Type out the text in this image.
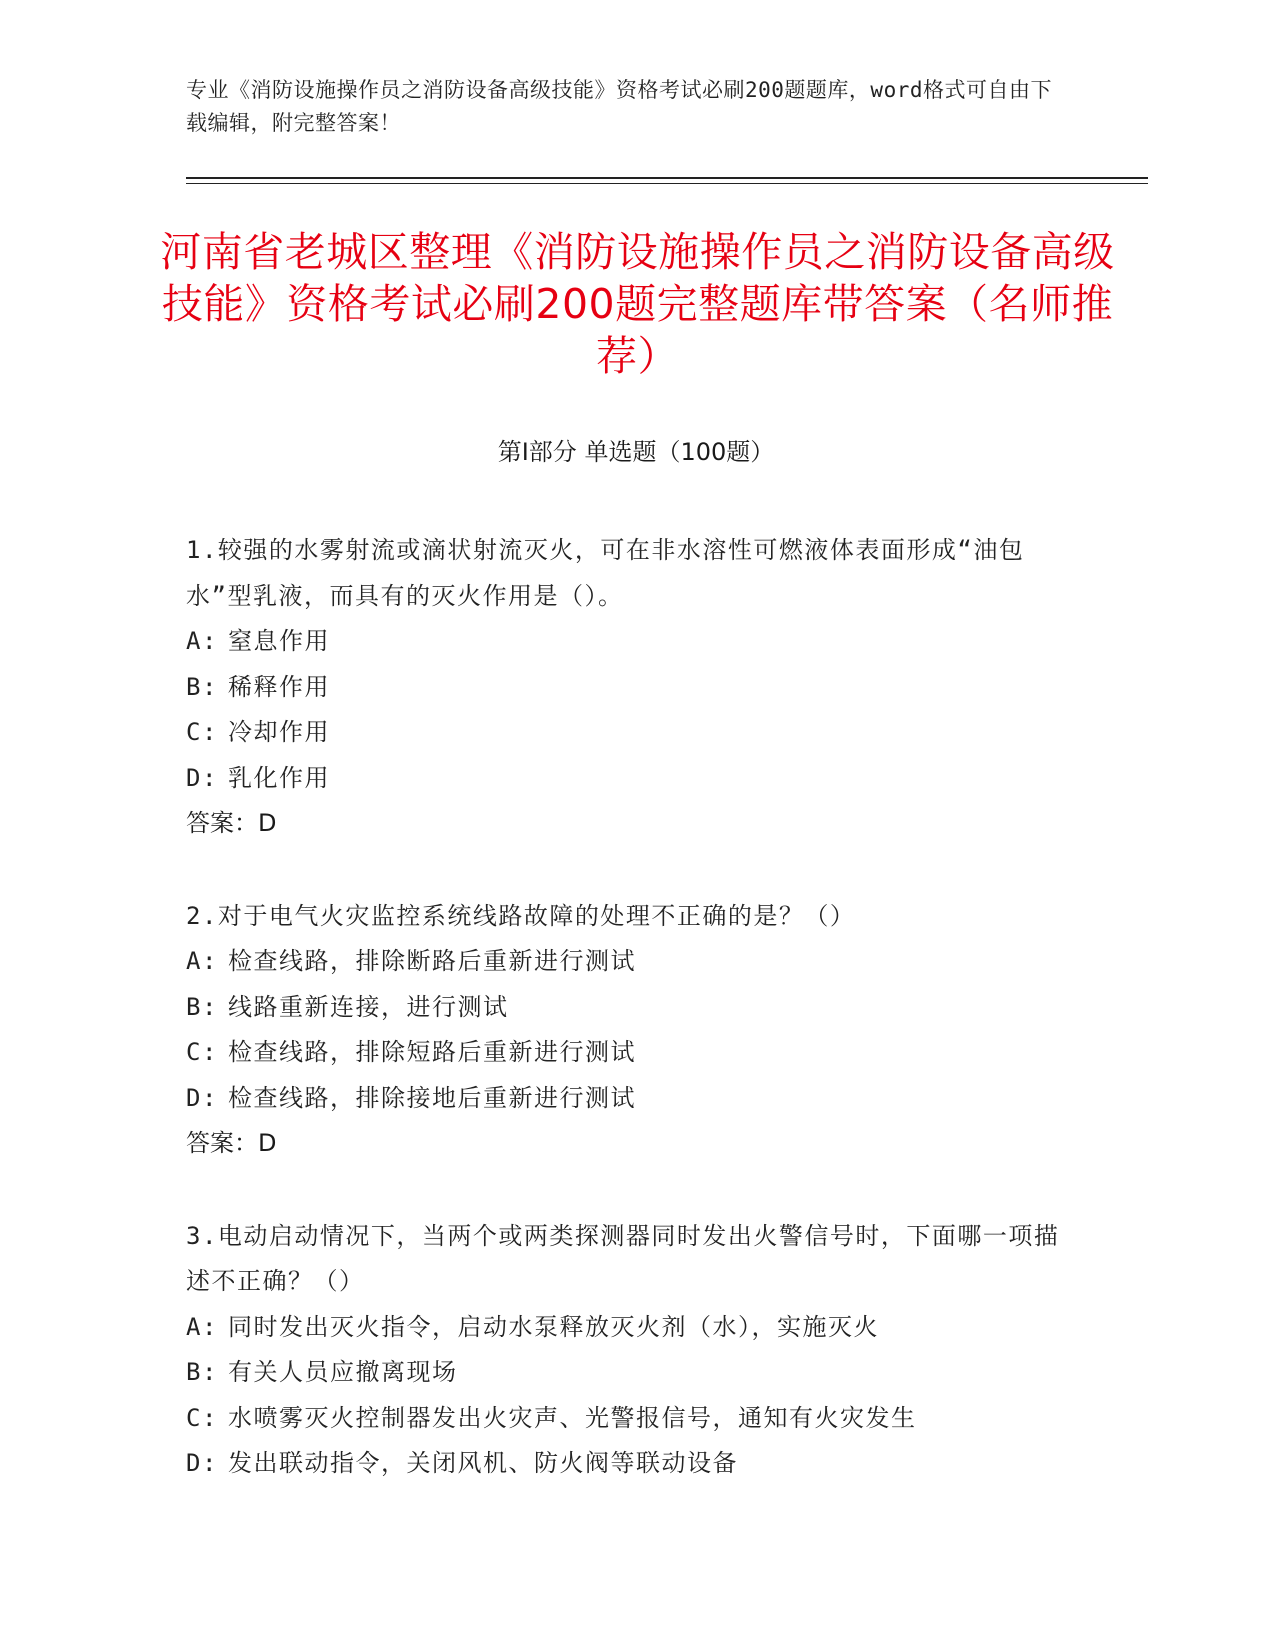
专业《消防设施操作员之消防设备高级技能》资格考试必刷200题题库，word格式可自由下载编辑，附完整答案！
河南省老城区整理《消防设施操作员之消防设备高级技能》资格考试必刷200题完整题库带答案（名师推荐）
第Ⅰ部分 单选题（100题）
1.较强的水雾射流或滴状射流灭火，可在非水溶性可燃液体表面形成“油包水”型乳液，而具有的灭火作用是（）。
A: 窒息作用
B: 稀释作用
C: 冷却作用
D: 乳化作用
答案：D
2.对于电气火灾监控系统线路故障的处理不正确的是？（）
A: 检查线路，排除断路后重新进行测试
B: 线路重新连接，进行测试
C: 检查线路，排除短路后重新进行测试
D: 检查线路，排除接地后重新进行测试
答案：D
3.电动启动情况下，当两个或两类探测器同时发出火警信号时，下面哪一项描述不正确？（）
A: 同时发出灭火指令，启动水泵释放灭火剂（水），实施灭火
B: 有关人员应撤离现场
C: 水喷雾灭火控制器发出火灾声、光警报信号，通知有火灾发生
D: 发出联动指令，关闭风机、防火阀等联动设备
